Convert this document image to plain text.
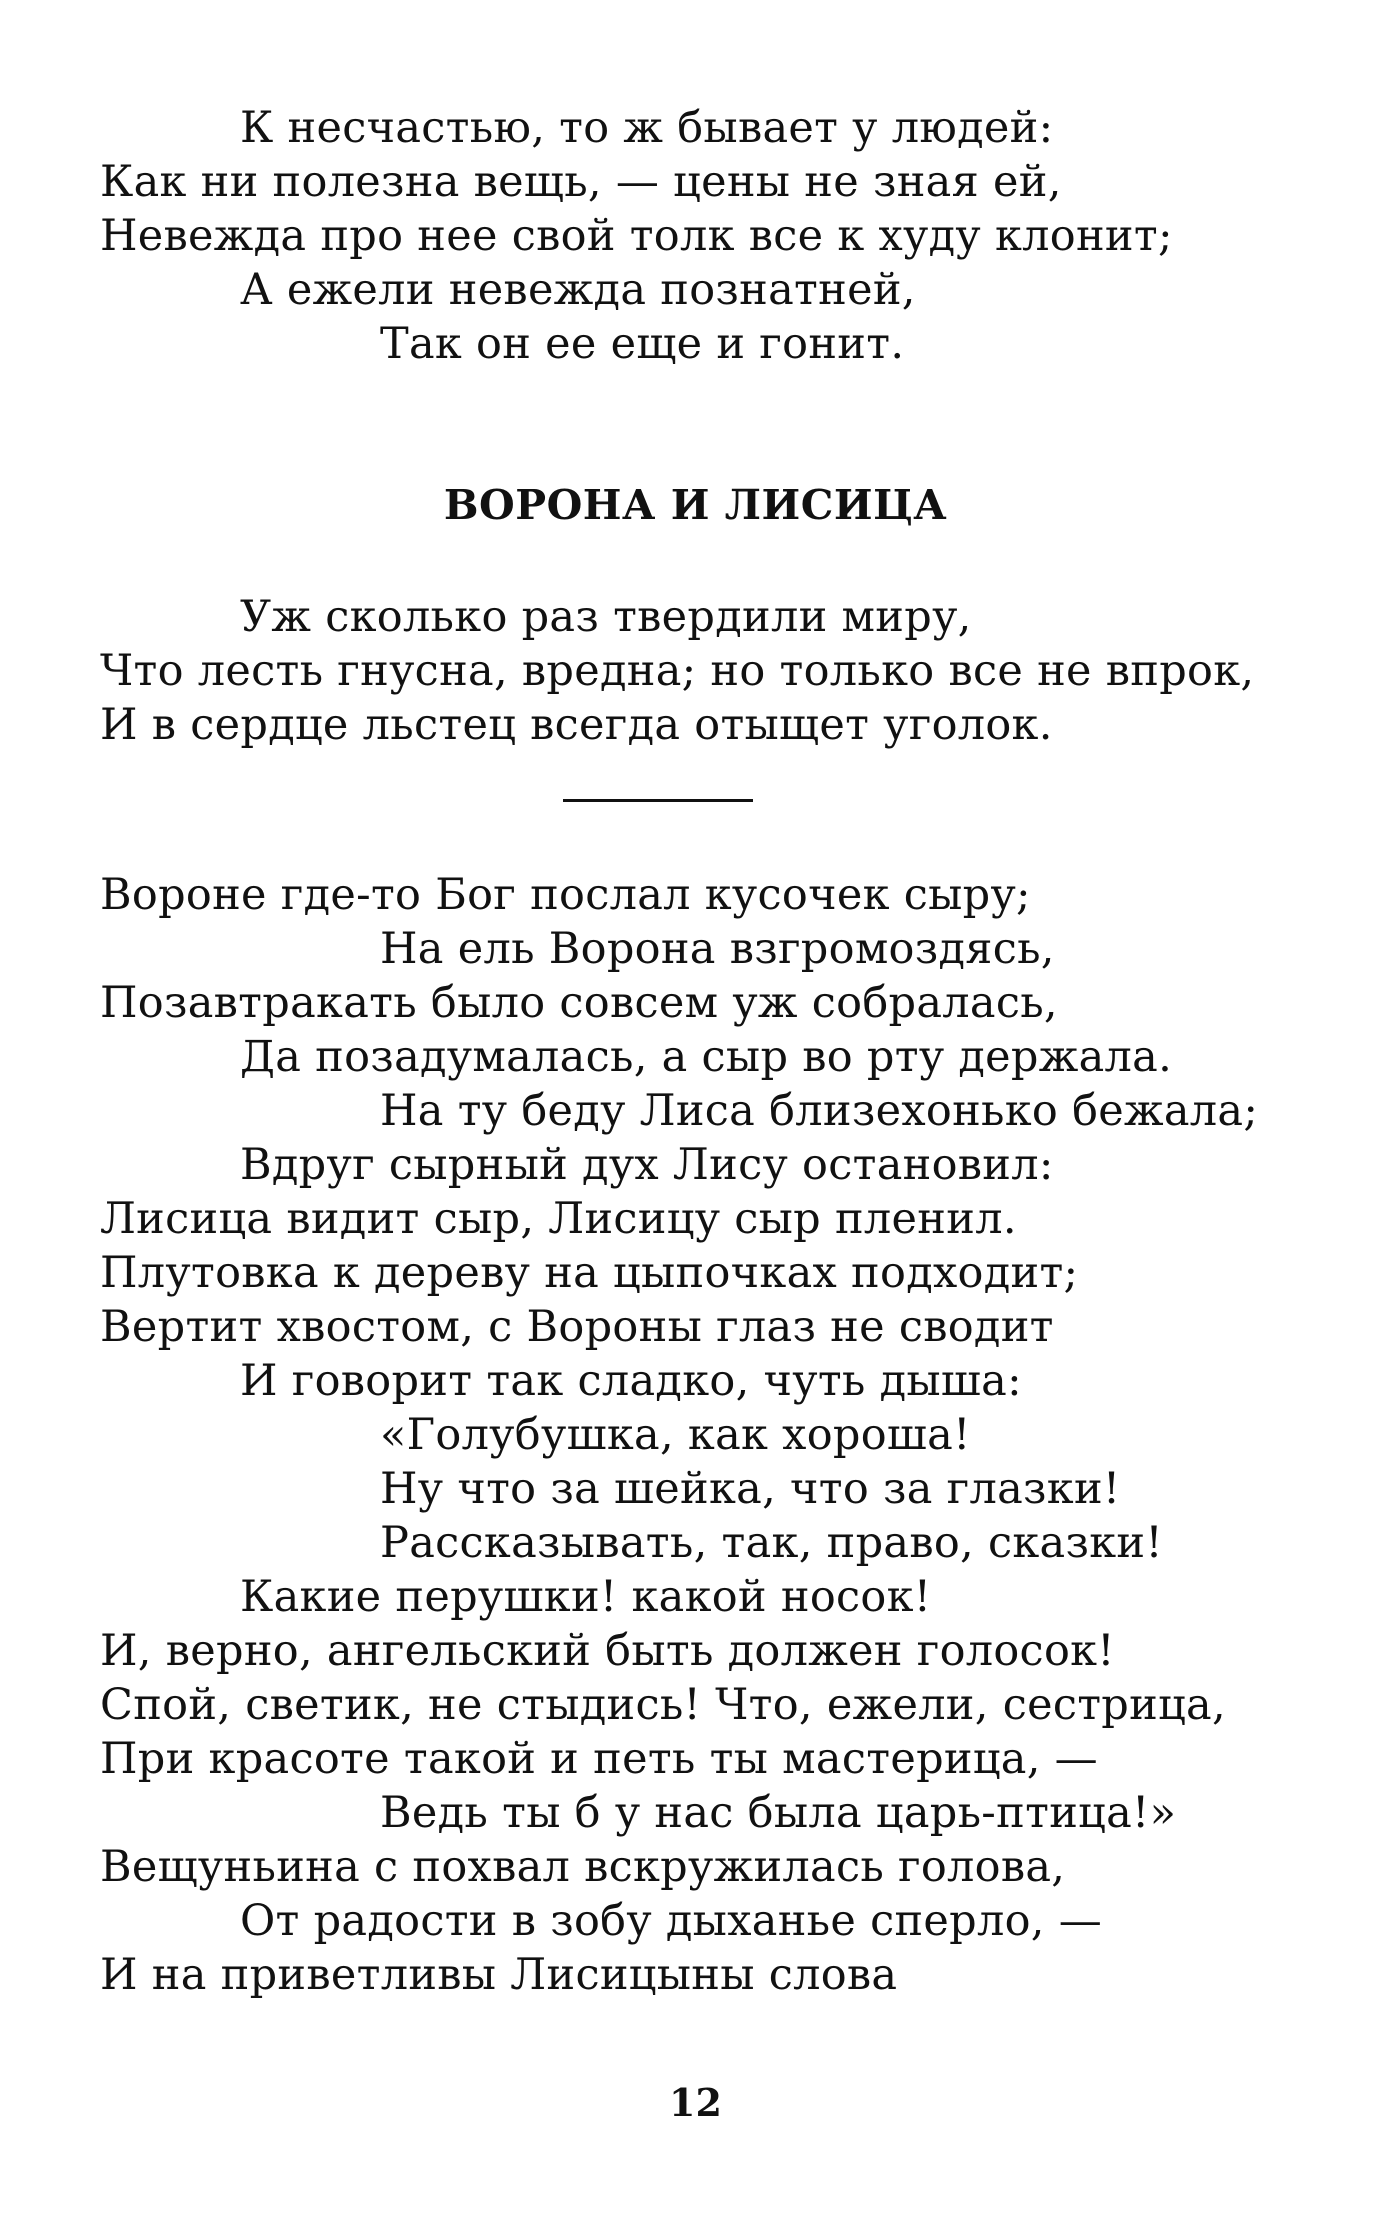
К несчастью, то ж бывает у людей:
Как ни полезна вещь, — цены не зная ей,
Невежда про нее свой толк все к худу клонит;
А ежели невежда познатней,
Так он ее еще и гонит.
ВОРОНА И ЛИСИЦА
Уж сколько раз твердили миру,
Что лесть гнусна, вредна; но только все не впрок,
И в сердце льстец всегда отыщет уголок.
Вороне где-то Бог послал кусочек сыру;
На ель Ворона взгромоздясь,
Позавтракать было совсем уж собралась,
Да позадумалась, а сыр во рту держала.
На ту беду Лиса близехонько бежала;
Вдруг сырный дух Лису остановил:
Лисица видит сыр, Лисицу сыр пленил.
Плутовка к дереву на цыпочках подходит;
Вертит хвостом, с Вороны глаз не сводит
И говорит так сладко, чуть дыша:
«Голубушка, как хороша!
Ну что за шейка, что за глазки!
Рассказывать, так, право, сказки!
Какие перушки! какой носок!
И, верно, ангельский быть должен голосок!
Спой, светик, не стыдись! Что, ежели, сестрица,
При красоте такой и петь ты мастерица, —
Ведь ты б у нас была царь-птица!»
Вещуньина с похвал вскружилась голова,
От радости в зобу дыханье сперло, —
И на приветливы Лисицыны слова
12
